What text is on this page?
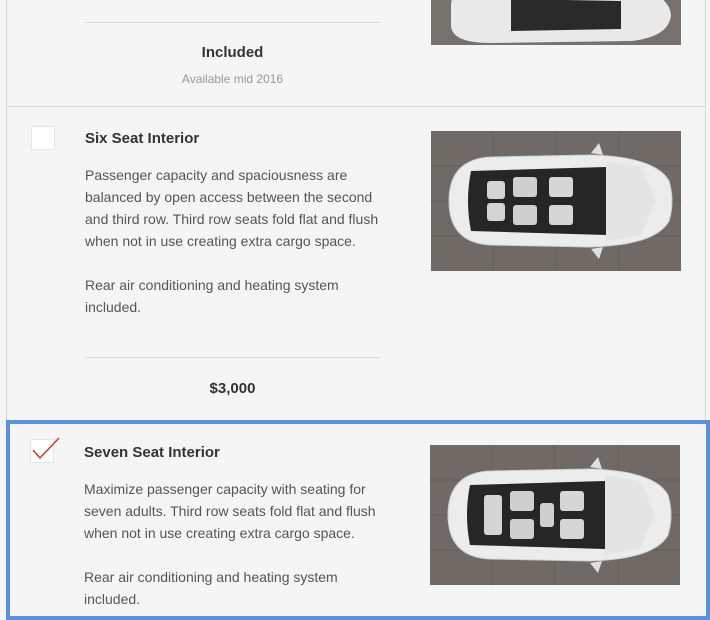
Included
Available mid 2016
Six Seat Interior

Passenger capacity and spaciousness are balanced by open access between the second and third row. Third row seats fold flat and flush when not in use creating extra cargo space.

Rear air conditioning and heating system included.

$3,000
Seven Seat Interior

Maximize passenger capacity with seating for seven adults. Third row seats fold flat and flush when not in use creating extra cargo space.

Rear air conditioning and heating system included.
